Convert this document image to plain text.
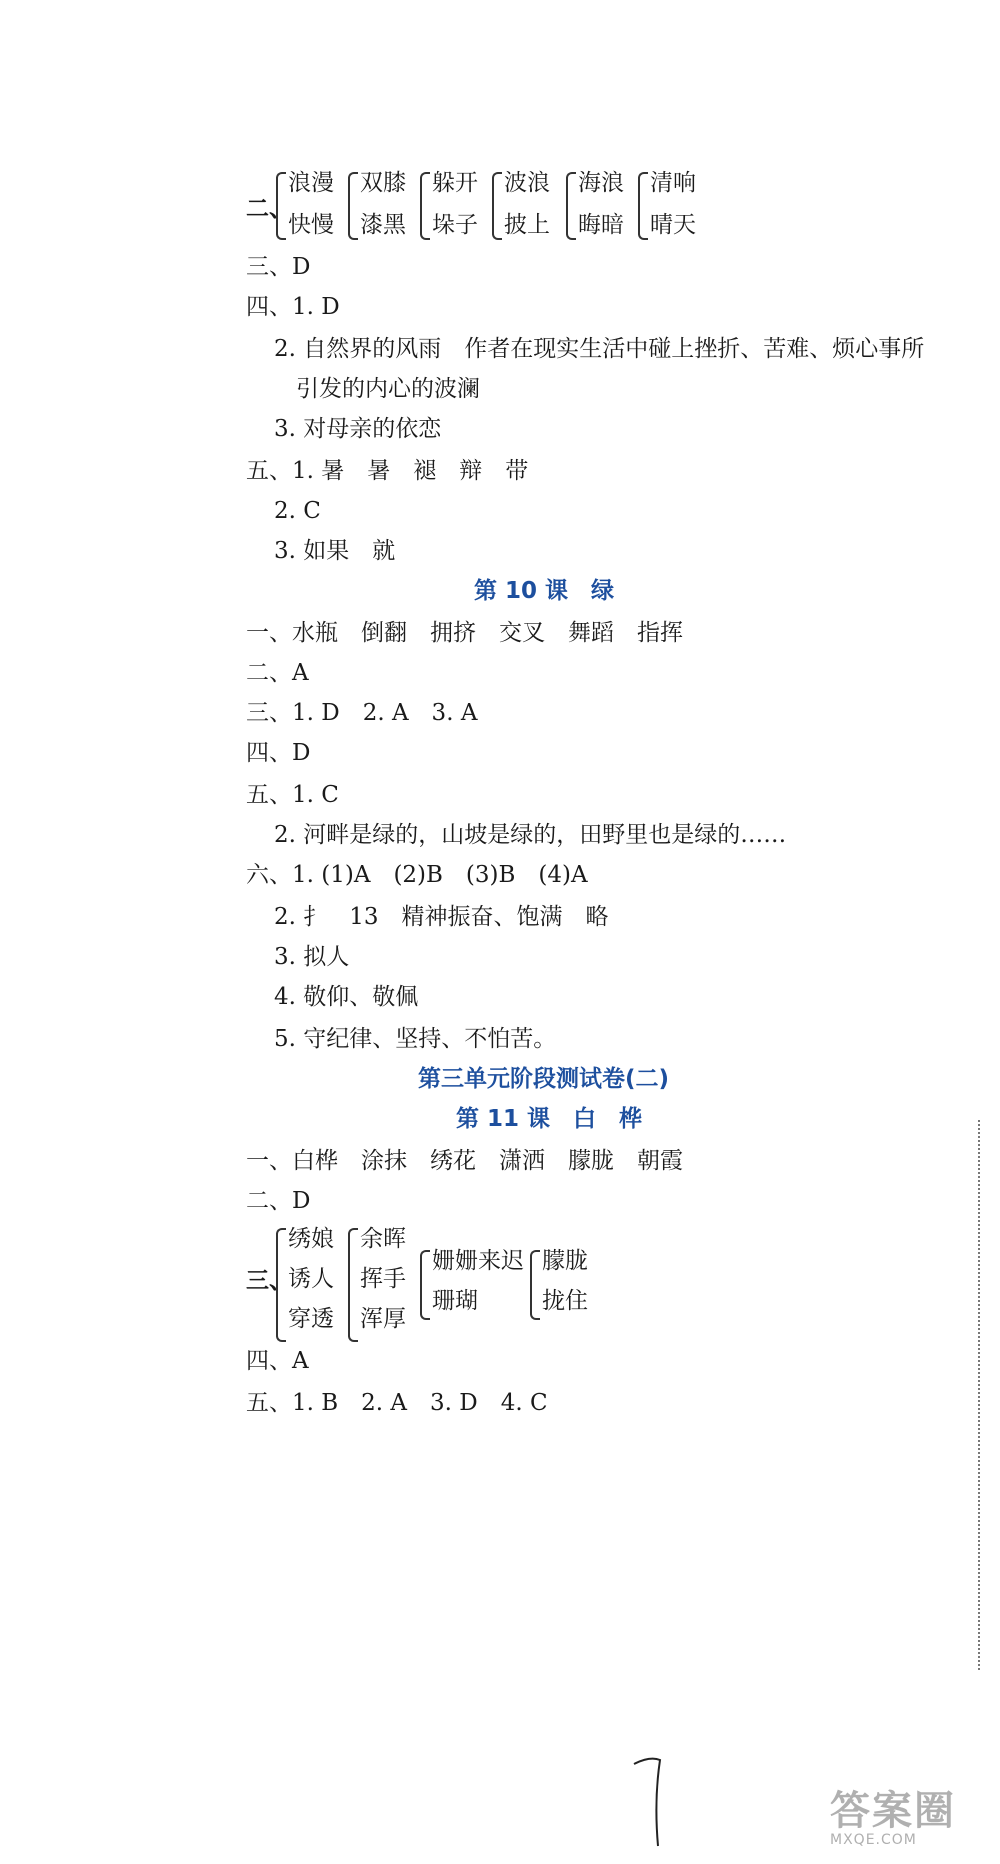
二、
浪漫
快慢
双膝
漆黑
躲开
垛子
波浪
披上
海浪
晦暗
清响
晴天
三、D
四、1. D
2. 自然界的风雨　作者在现实生活中碰上挫折、苦难、烦心事所
引发的内心的波澜
3. 对母亲的依恋
五、1. 暑　暑　褪　辩　带
2. C
3. 如果　就
第 10 课　绿
一、水瓶　倒翻　拥挤　交叉　舞蹈　指挥
二、A
三、1. D　2. A　3. A
四、D
五、1. C
2. 河畔是绿的，山坡是绿的，田野里也是绿的……
六、1. (1)A　(2)B　(3)B　(4)A
2. 扌　13　精神振奋、饱满　略
3. 拟人
4. 敬仰、敬佩
5. 守纪律、坚持、不怕苦。
第三单元阶段测试卷(二)
第 11 课　白　桦
一、白桦　涂抹　绣花　潇洒　朦胧　朝霞
二、D
三、
绣娘
诱人
穿透
余晖
挥手
浑厚
姗姗来迟
珊瑚
朦胧
拢住
四、A
五、1. B　2. A　3. D　4. C
答案圈
MXQE.COM
